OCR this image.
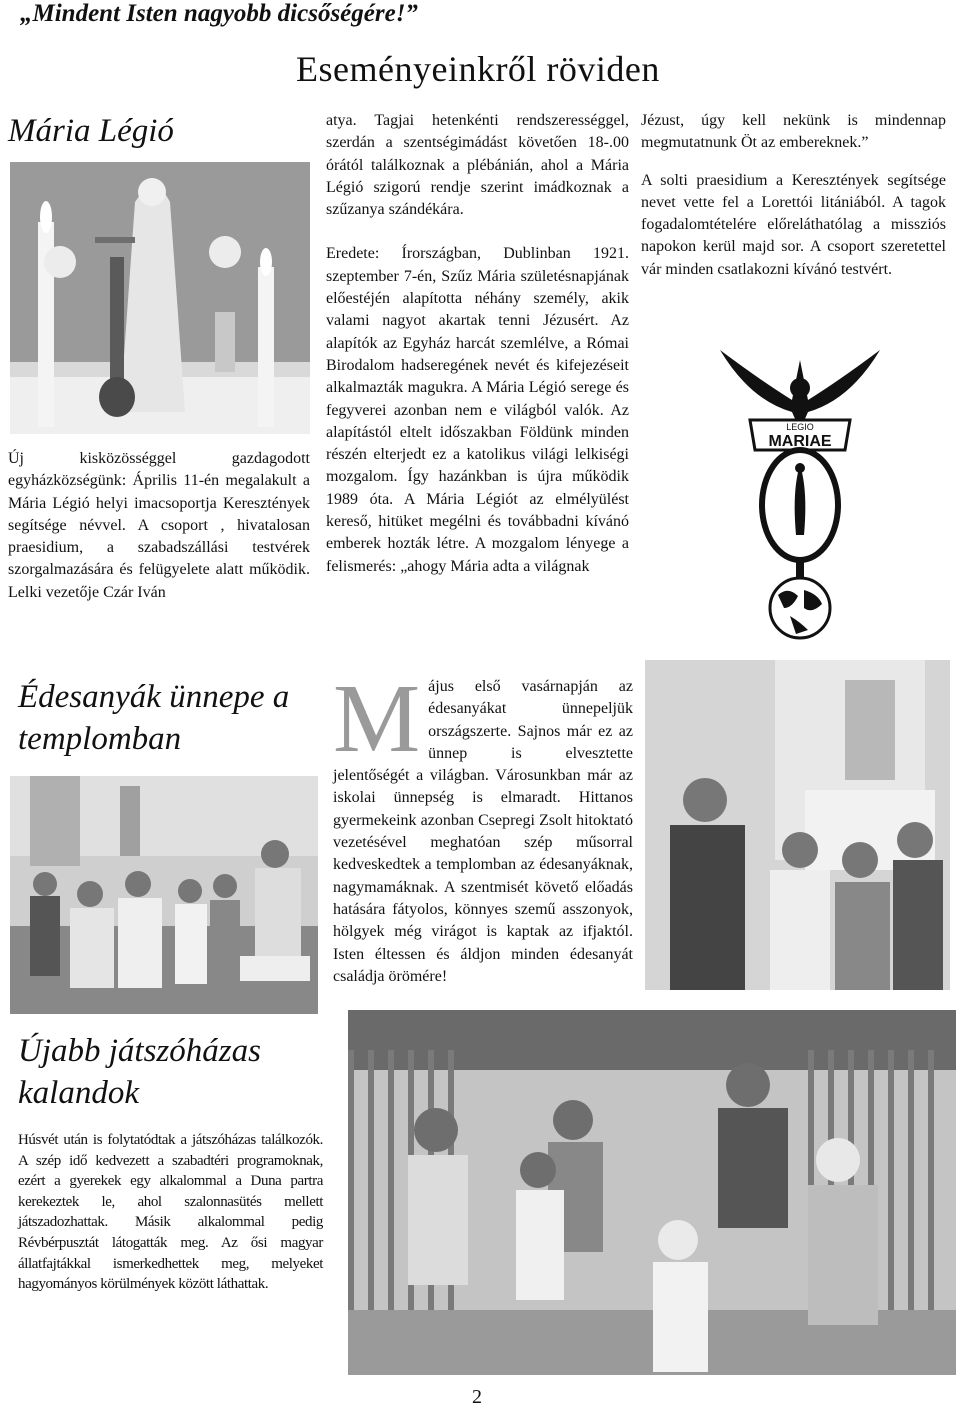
„Mindent Isten nagyobb dicsőségére!”
Eseményeinkről röviden
Mária Légió
Új kisközösséggel gazdagodott egyházközségünk: Április 11-én megalakult a Mária Légió helyi imacsoportja Keresztények segítsége névvel. A csoport , hivatalosan praesidium, a szabadszállási testvérek szorgalmazására és felügyelete alatt működik. Lelki vezetője Czár Iván
atya. Tagjai hetenkénti rendszerességgel, szerdán a szentségimádást követően 18-.00 órától találkoznak a plébánián, ahol a Mária Légió szigorú rendje szerint imádkoznak a szűzanya szándékára.
Eredete: Írországban, Dublinban 1921. szeptember 7-én, Szűz Mária születésnapjának előestéjén alapította néhány személy, akik valami nagyot akartak tenni Jézusért. Az alapítók az Egyház harcát szemlélve, a Római Birodalom hadseregének nevét és kifejezéseit alkalmazták magukra. A Mária Légió serege és fegyverei azonban nem e világból valók. Az alapítástól eltelt időszakban Földünk minden részén elterjedt ez a katolikus világi lelkiségi mozgalom. Így hazánkban is újra működik 1989 óta. A Mária Légiót az elmélyülést kereső, hitüket megélni és továbbadni kívánó emberek hozták létre. A mozgalom lényege a felismerés: „ahogy Mária adta a világnak
Jézust, úgy kell nekünk is mindennap megmutatnunk Öt az embereknek.”
A solti praesidium a Keresztények segítsége nevet vette fel a Lorettói litániából. A tagok fogadalomtételére előreláthatólag a missziós napokon kerül majd sor. A csoport szeretettel vár minden csatlakozni kívánó testvért.
LEGIO
MARIAE
Édesanyák ünnepe a templomban	Május első vasárnapján az édesanyákat ünnepeljük országszerte. Sajnos már ez az ünnep is elvesztette jelentőségét a világban. Városunkban már az iskolai ünnepség is elmaradt. Hittanos gyermekeink azonban Csepregi Zsolt hitoktató vezetésével meghatóan szép műsorral kedveskedtek a templomban az édesanyáknak, nagymamáknak. A szentmisét követő előadás hatására fátyolos, könnyes szemű asszonyok, hölgyek még virágot is kaptak az ifjaktól. Isten éltessen és áldjon minden édesanyát családja örömére!
Újabb játszóházas kalandok
Húsvét után is folytatódtak a játszóházas találkozók. A szép idő kedvezett a szabadtéri programoknak, ezért a gyerekek egy alkalommal a Duna partra kerekeztek le, ahol szalonnasütés mellett játszadozhattak. Másik alkalommal pedig Révbérpusztát látogatták meg. Az ősi magyar állatfajtákkal ismerkedhettek meg, melyeket hagyományos körülmények között láthattak.
2
